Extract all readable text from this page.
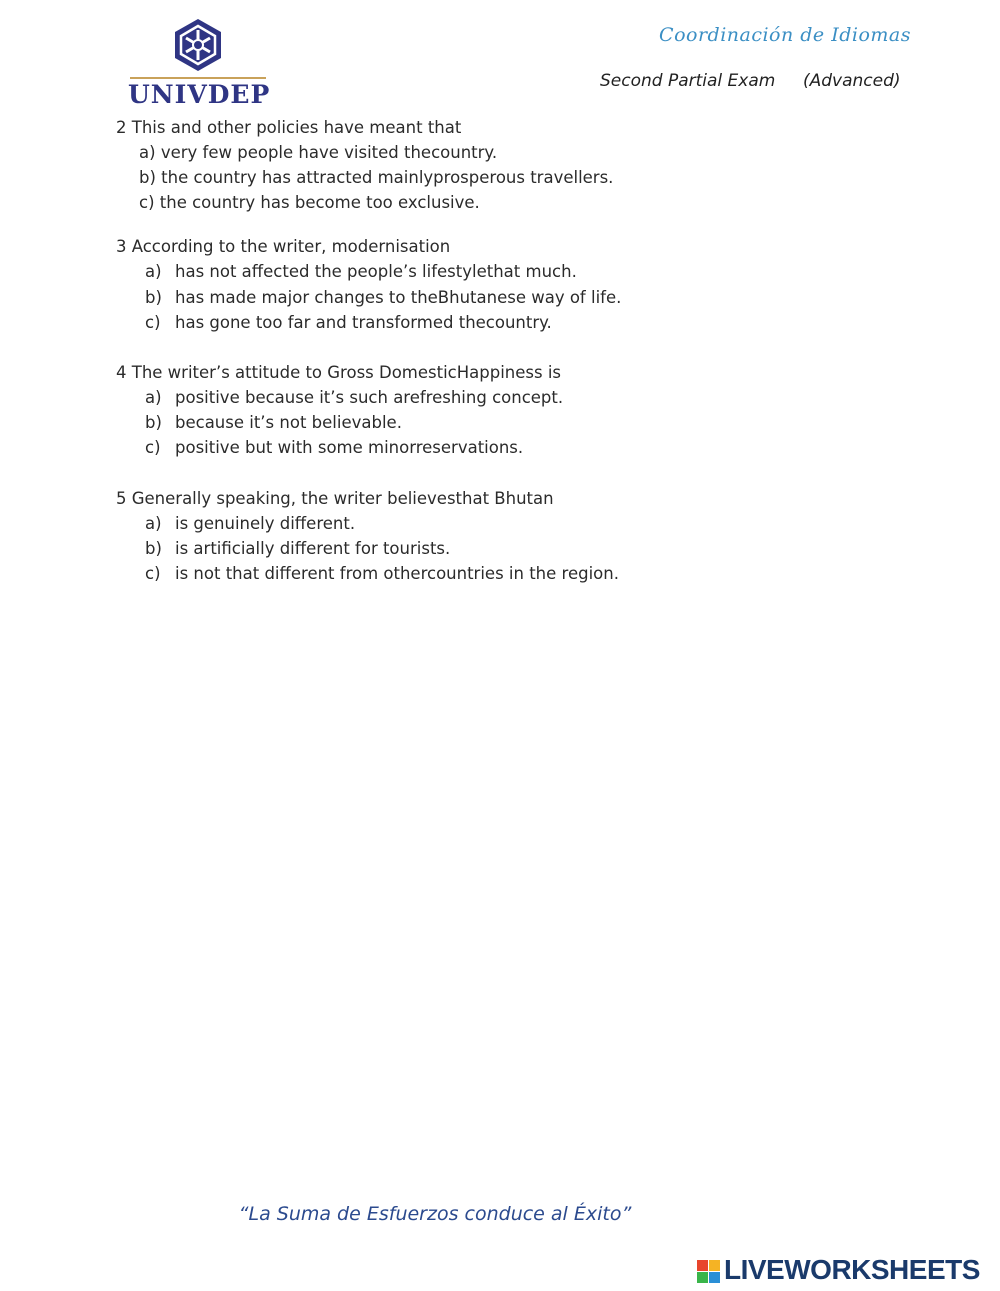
UNIVDEP
Coordinación de Idiomas
Second Partial Exam (Advanced)
2 This and other policies have meant that
a) very few people have visited thecountry.
b) the country has attracted mainlyprosperous travellers.
c) the country has become too exclusive.
3 According to the writer, modernisation
a) has not affected the people’s lifestylethat much.
b) has made major changes to theBhutanese way of life.
c) has gone too far and transformed thecountry.
4 The writer’s attitude to Gross DomesticHappiness is
a) positive because it’s such arefreshing concept.
b) because it’s not believable.
c) positive but with some minorreservations.
5 Generally speaking, the writer believesthat Bhutan
a) is genuinely different.
b) is artificially different for tourists.
c) is not that different from othercountries in the region.
“La Suma de Esfuerzos conduce al Éxito”
LIVEWORKSHEETS
